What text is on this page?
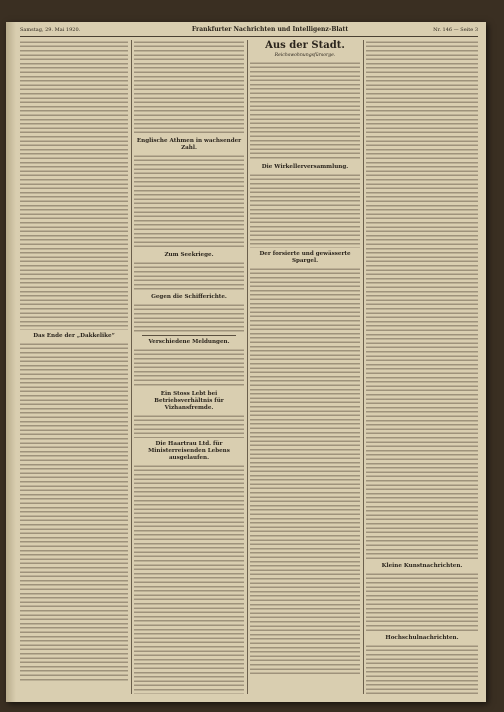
Samstag, 29. Mai 1920.	Frankfurter Nachrichten und Intelligenz-Blatt	Nr. 146 — Seite 3
Das Ende der „Dakkelike“
Englische Athmen in wachsender Zahl.
Zum Seekriege.
Gegen die Schifferichte.
Verschiedene Meldungen.
Ein Stoss Lebt bei Betriebsverhältnis für Vizhansfremde.
Die Haartrau Ltd. für Ministerreisenden Lebens ausgelaufen.
Aus der Stadt.
Reichswohnungsfürsorge.
Die Wirkellerversammlung.
Der forsierte und gewässerte Spargel.
Kleine Kunstnachrichten.
Hochschulnachrichten.
